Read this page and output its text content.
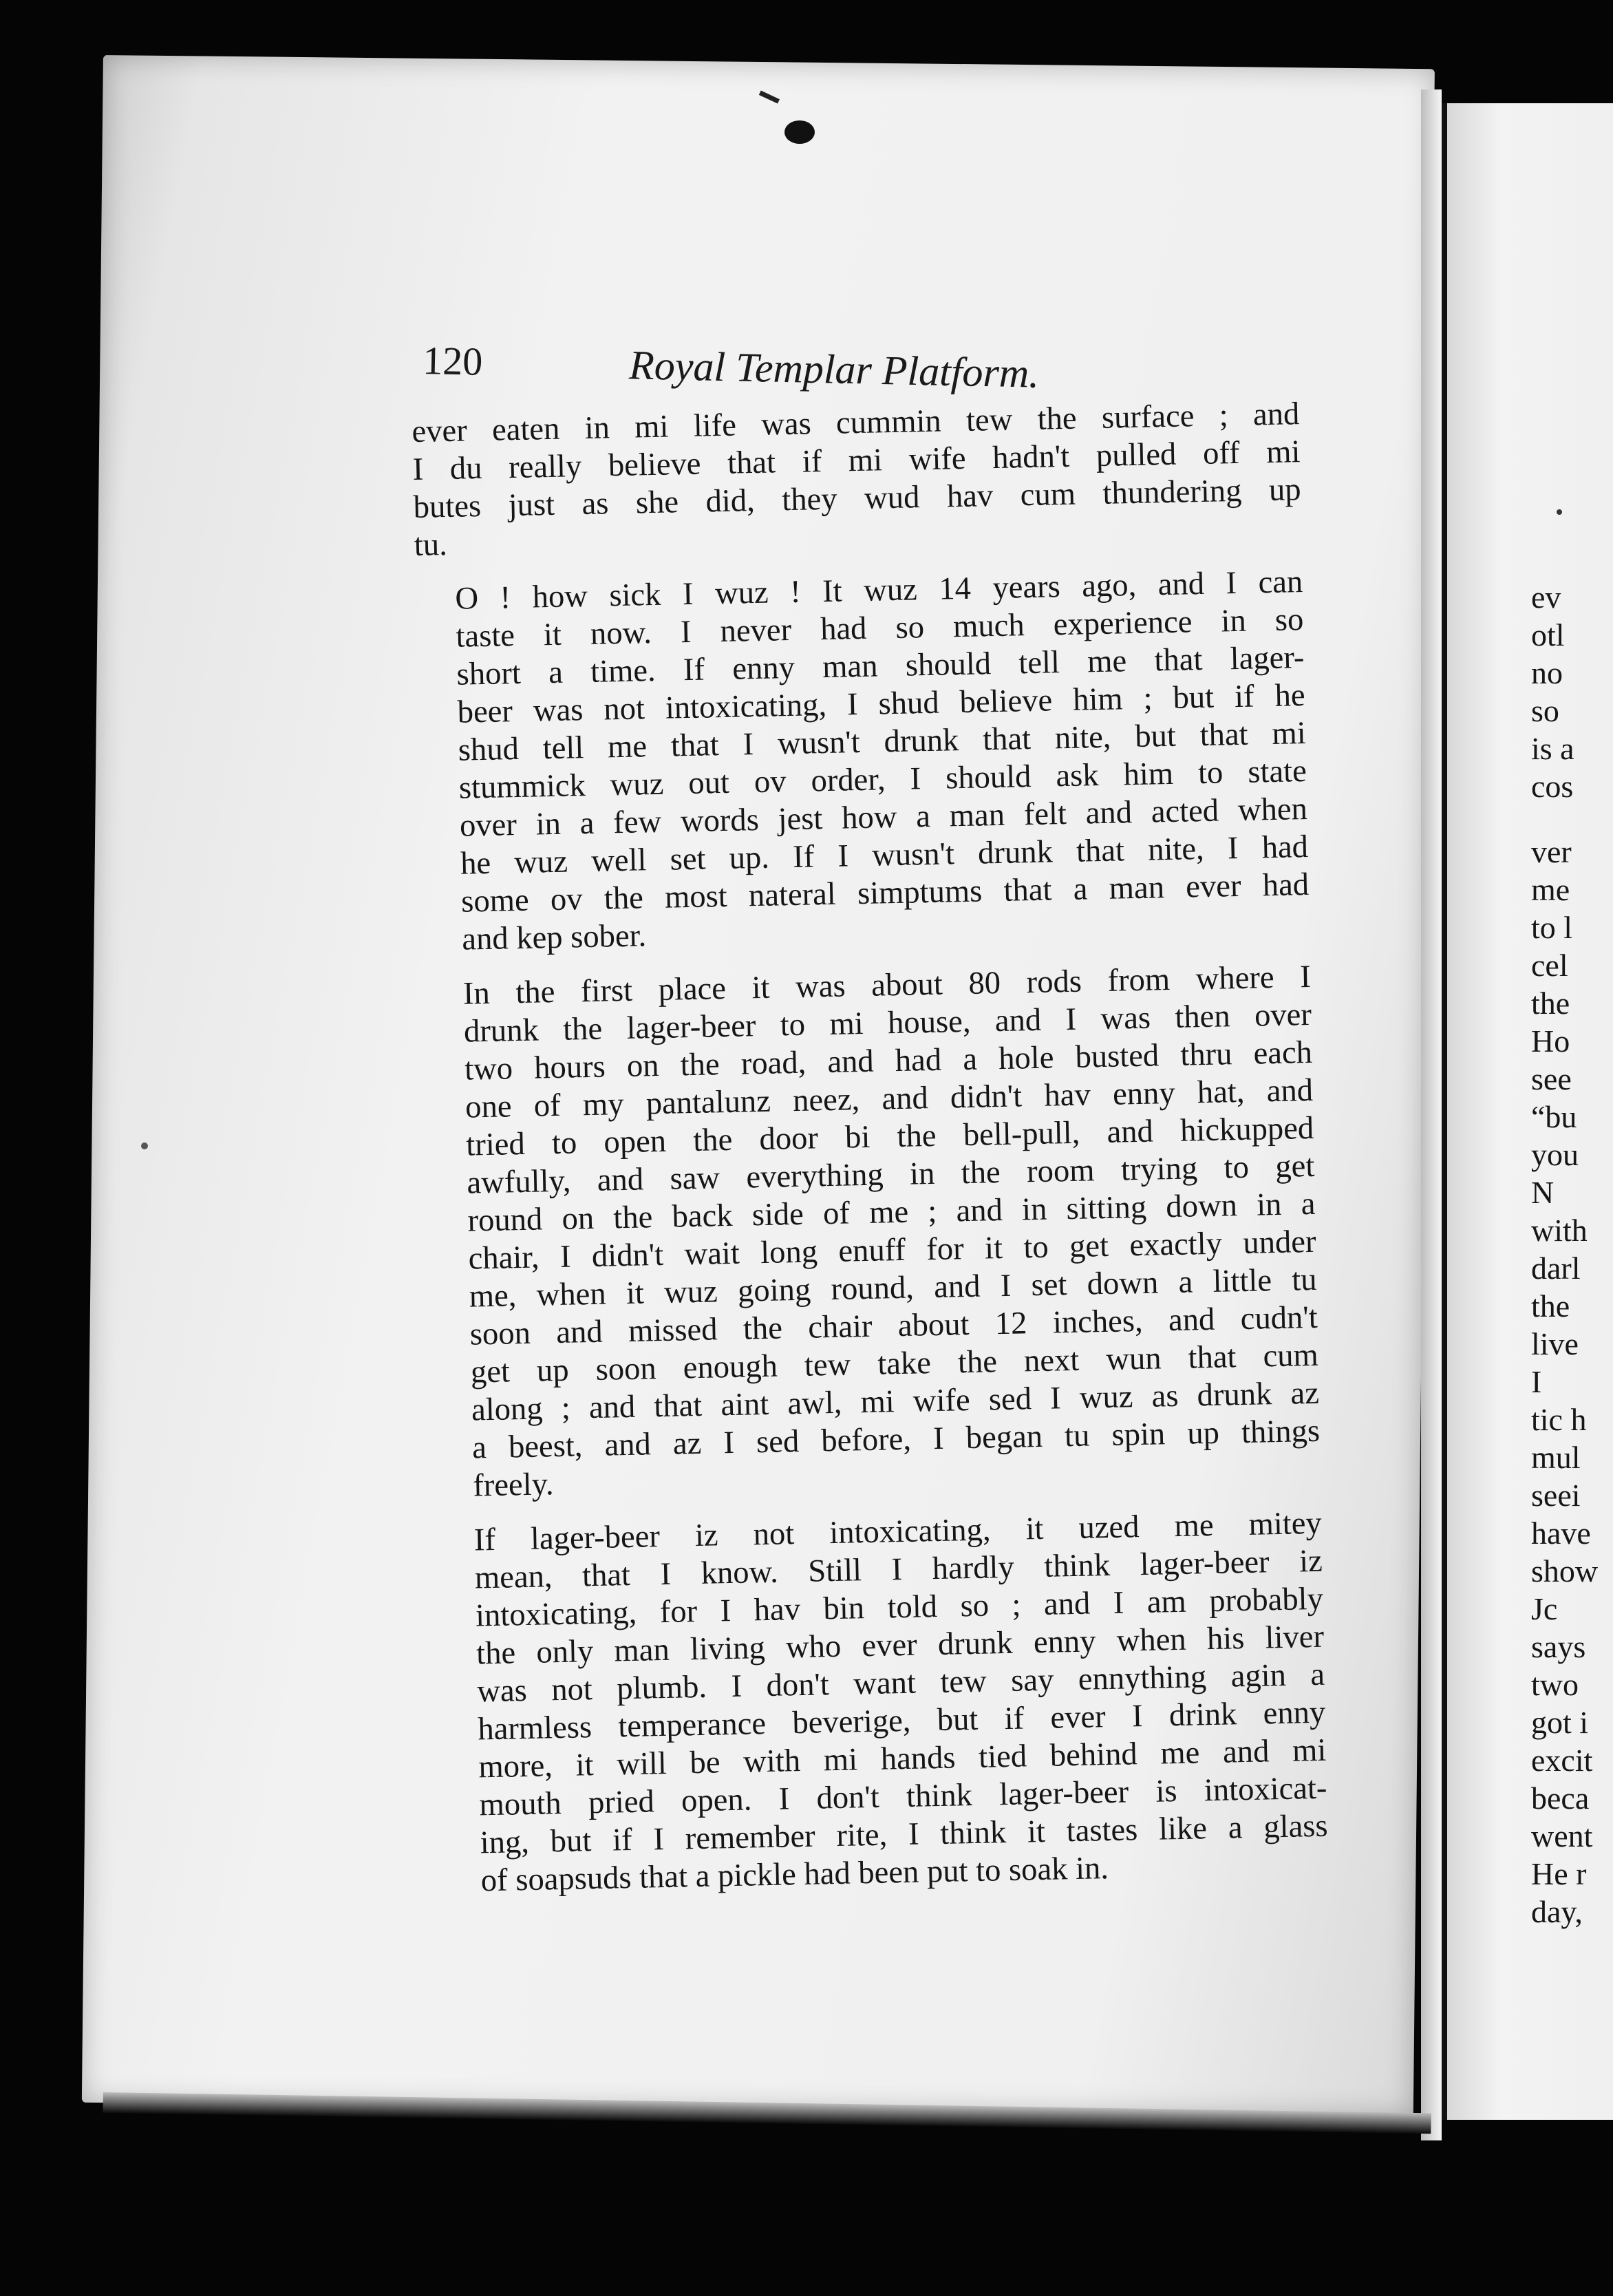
120	Royal Templar Platform.

ever eaten in mi life was cummin tew the surface ; and
I du really believe that if mi wife hadn't pulled off mi
butes just as she did, they wud hav cum thundering up
tu.

O ! how sick I wuz ! It wuz 14 years ago, and I can
taste it now. I never had so much experience in so
short a time. If enny man should tell me that lager-
beer was not intoxicating, I shud believe him ; but if he
shud tell me that I wusn't drunk that nite, but that mi
stummick wuz out ov order, I should ask him to state
over in a few words jest how a man felt and acted when
he wuz well set up. If I wusn't drunk that nite, I had
some ov the most nateral simptums that a man ever had
and kep sober.

In the first place it was about 80 rods from where I
drunk the lager-beer to mi house, and I was then over
two hours on the road, and had a hole busted thru each
one of my pantalunz neez, and didn't hav enny hat, and
tried to open the door bi the bell-pull, and hickupped
awfully, and saw everything in the room trying to get
round on the back side of me ; and in sitting down in a
chair, I didn't wait long enuff for it to get exactly under
me, when it wuz going round, and I set down a little tu
soon and missed the chair about 12 inches, and cudn't
get up soon enough tew take the next wun that cum
along ; and that aint awl, mi wife sed I wuz as drunk az
a beest, and az I sed before, I began tu spin up things
freely.

If lager-beer iz not intoxicating, it uzed me mitey
mean, that I know. Still I hardly think lager-beer iz
intoxicating, for I hav bin told so ; and I am probably
the only man living who ever drunk enny when his liver
was not plumb. I don't want tew say ennything agin a
harmless temperance beverige, but if ever I drink enny
more, it will be with mi hands tied behind me and mi
mouth pried open. I don't think lager-beer is intoxicat-
ing, but if I remember rite, I think it tastes like a glass
of soapsuds that a pickle had been put to soak in.

ev
otl
no
so
is a
cos
ver
me
to l
cel
the
Ho
see
“bu
you
N
with
darl
the
live
I
tic h
mul
seei
have
show
Jc
says
two
got i
excit
beca
went
He r
day,
